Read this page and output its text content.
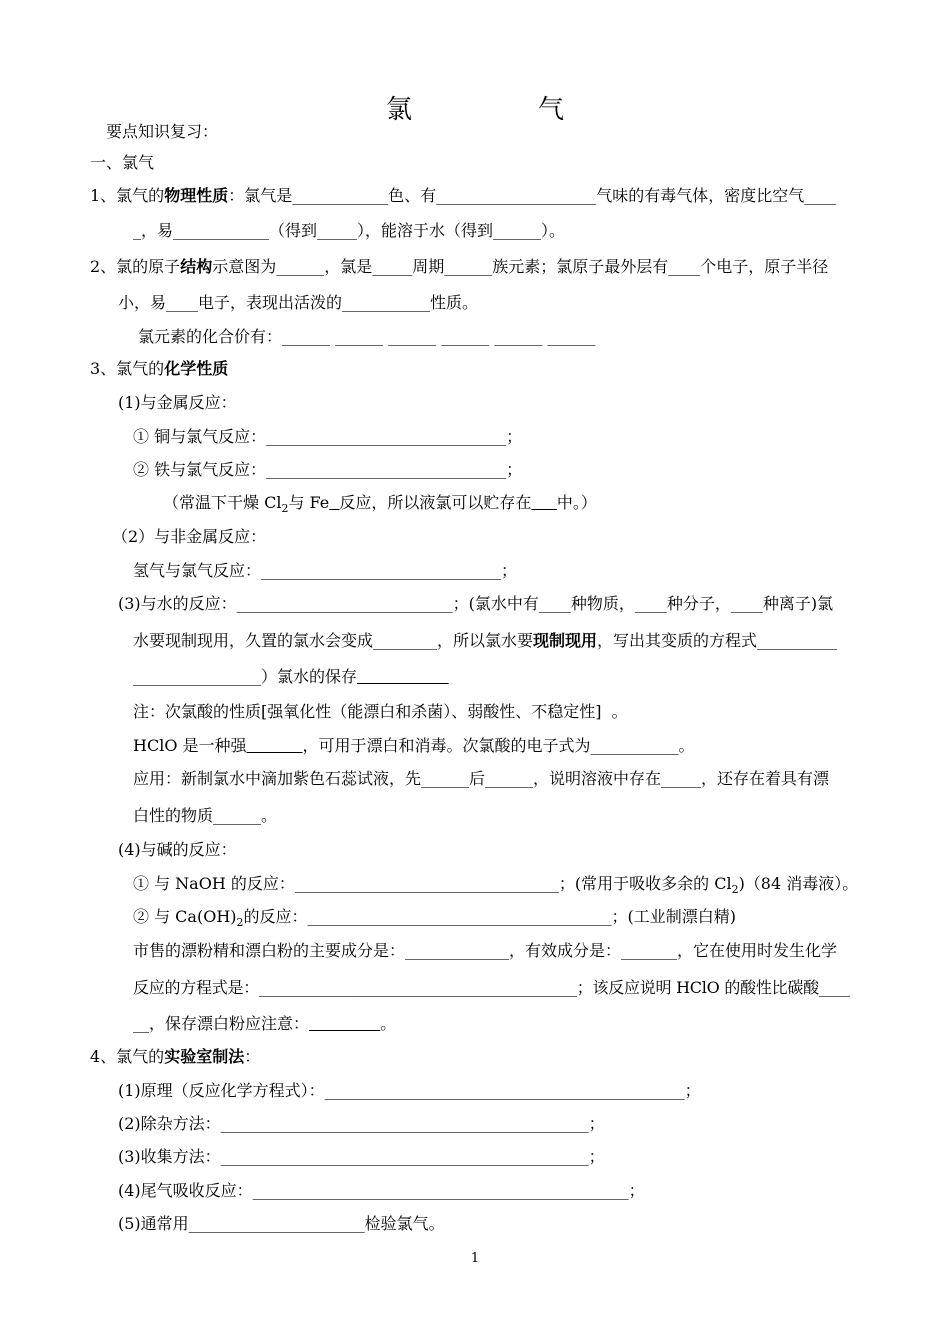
氯　气
要点知识复习：
一、氯气
1、氯气的物理性质：氯气是____________色、有____________________气味的有毒气体，密度比空气____
_，易____________（得到_____），能溶于水（得到______）。
2、氯的原子结构示意图为______，氯是_____周期______族元素；氯原子最外层有____个电子，原子半径
小，易____电子，表现出活泼的___________性质。
氯元素的化合价有：______ ______ ______ ______ ______ ______
3、氯气的化学性质
(1)与金属反应：
① 铜与氯气反应：______________________________；
② 铁与氯气反应：______________________________；
（常温下干燥 $Cl_2$与 Fe 反应，所以液氯可以贮存在 中。）
（2）与非金属反应：
氢气与氯气反应：______________________________；
(3)与水的反应：___________________________；(氯水中有____种物质，____种分子，____种离子)氯
水要现制现用，久置的氯水会变成________，所以氯水要现制现用，写出其变质的方程式__________
________________）氯水的保存
注：次氯酸的性质[强氧化性（能漂白和杀菌）、弱酸性、不稳定性]  。
HClO 是一种强	，可用于漂白和消毒。次氯酸的电子式为___________。
应用：新制氯水中滴加紫色石蕊试液，先______后______，说明溶液中存在_____，还存在着具有漂
白性的物质______。
(4)与碱的反应：
① 与 NaOH 的反应：_________________________________；(常用于吸收多余的 $Cl_2)(84$ 消毒液）。
② 与 $Ca(OH)_2$的反应：______________________________________；(工业制漂白精)
市售的漂粉精和漂白粉的主要成分是：_____________，有效成分是：_______，它在使用时发生化学
反应的方程式是：_________________________________________；该反应说明 HClO 的酸性比碳酸____
__，保存漂白粉应注意：	。
4、氯气的实验室制法：
(1)原理（反应化学方程式）：_____________________________________________；
(2)除杂方法：______________________________________________；
(3)收集方法：______________________________________________；
(4)尾气吸收反应：_______________________________________________；
(5)通常用______________________检验氯气。
1
